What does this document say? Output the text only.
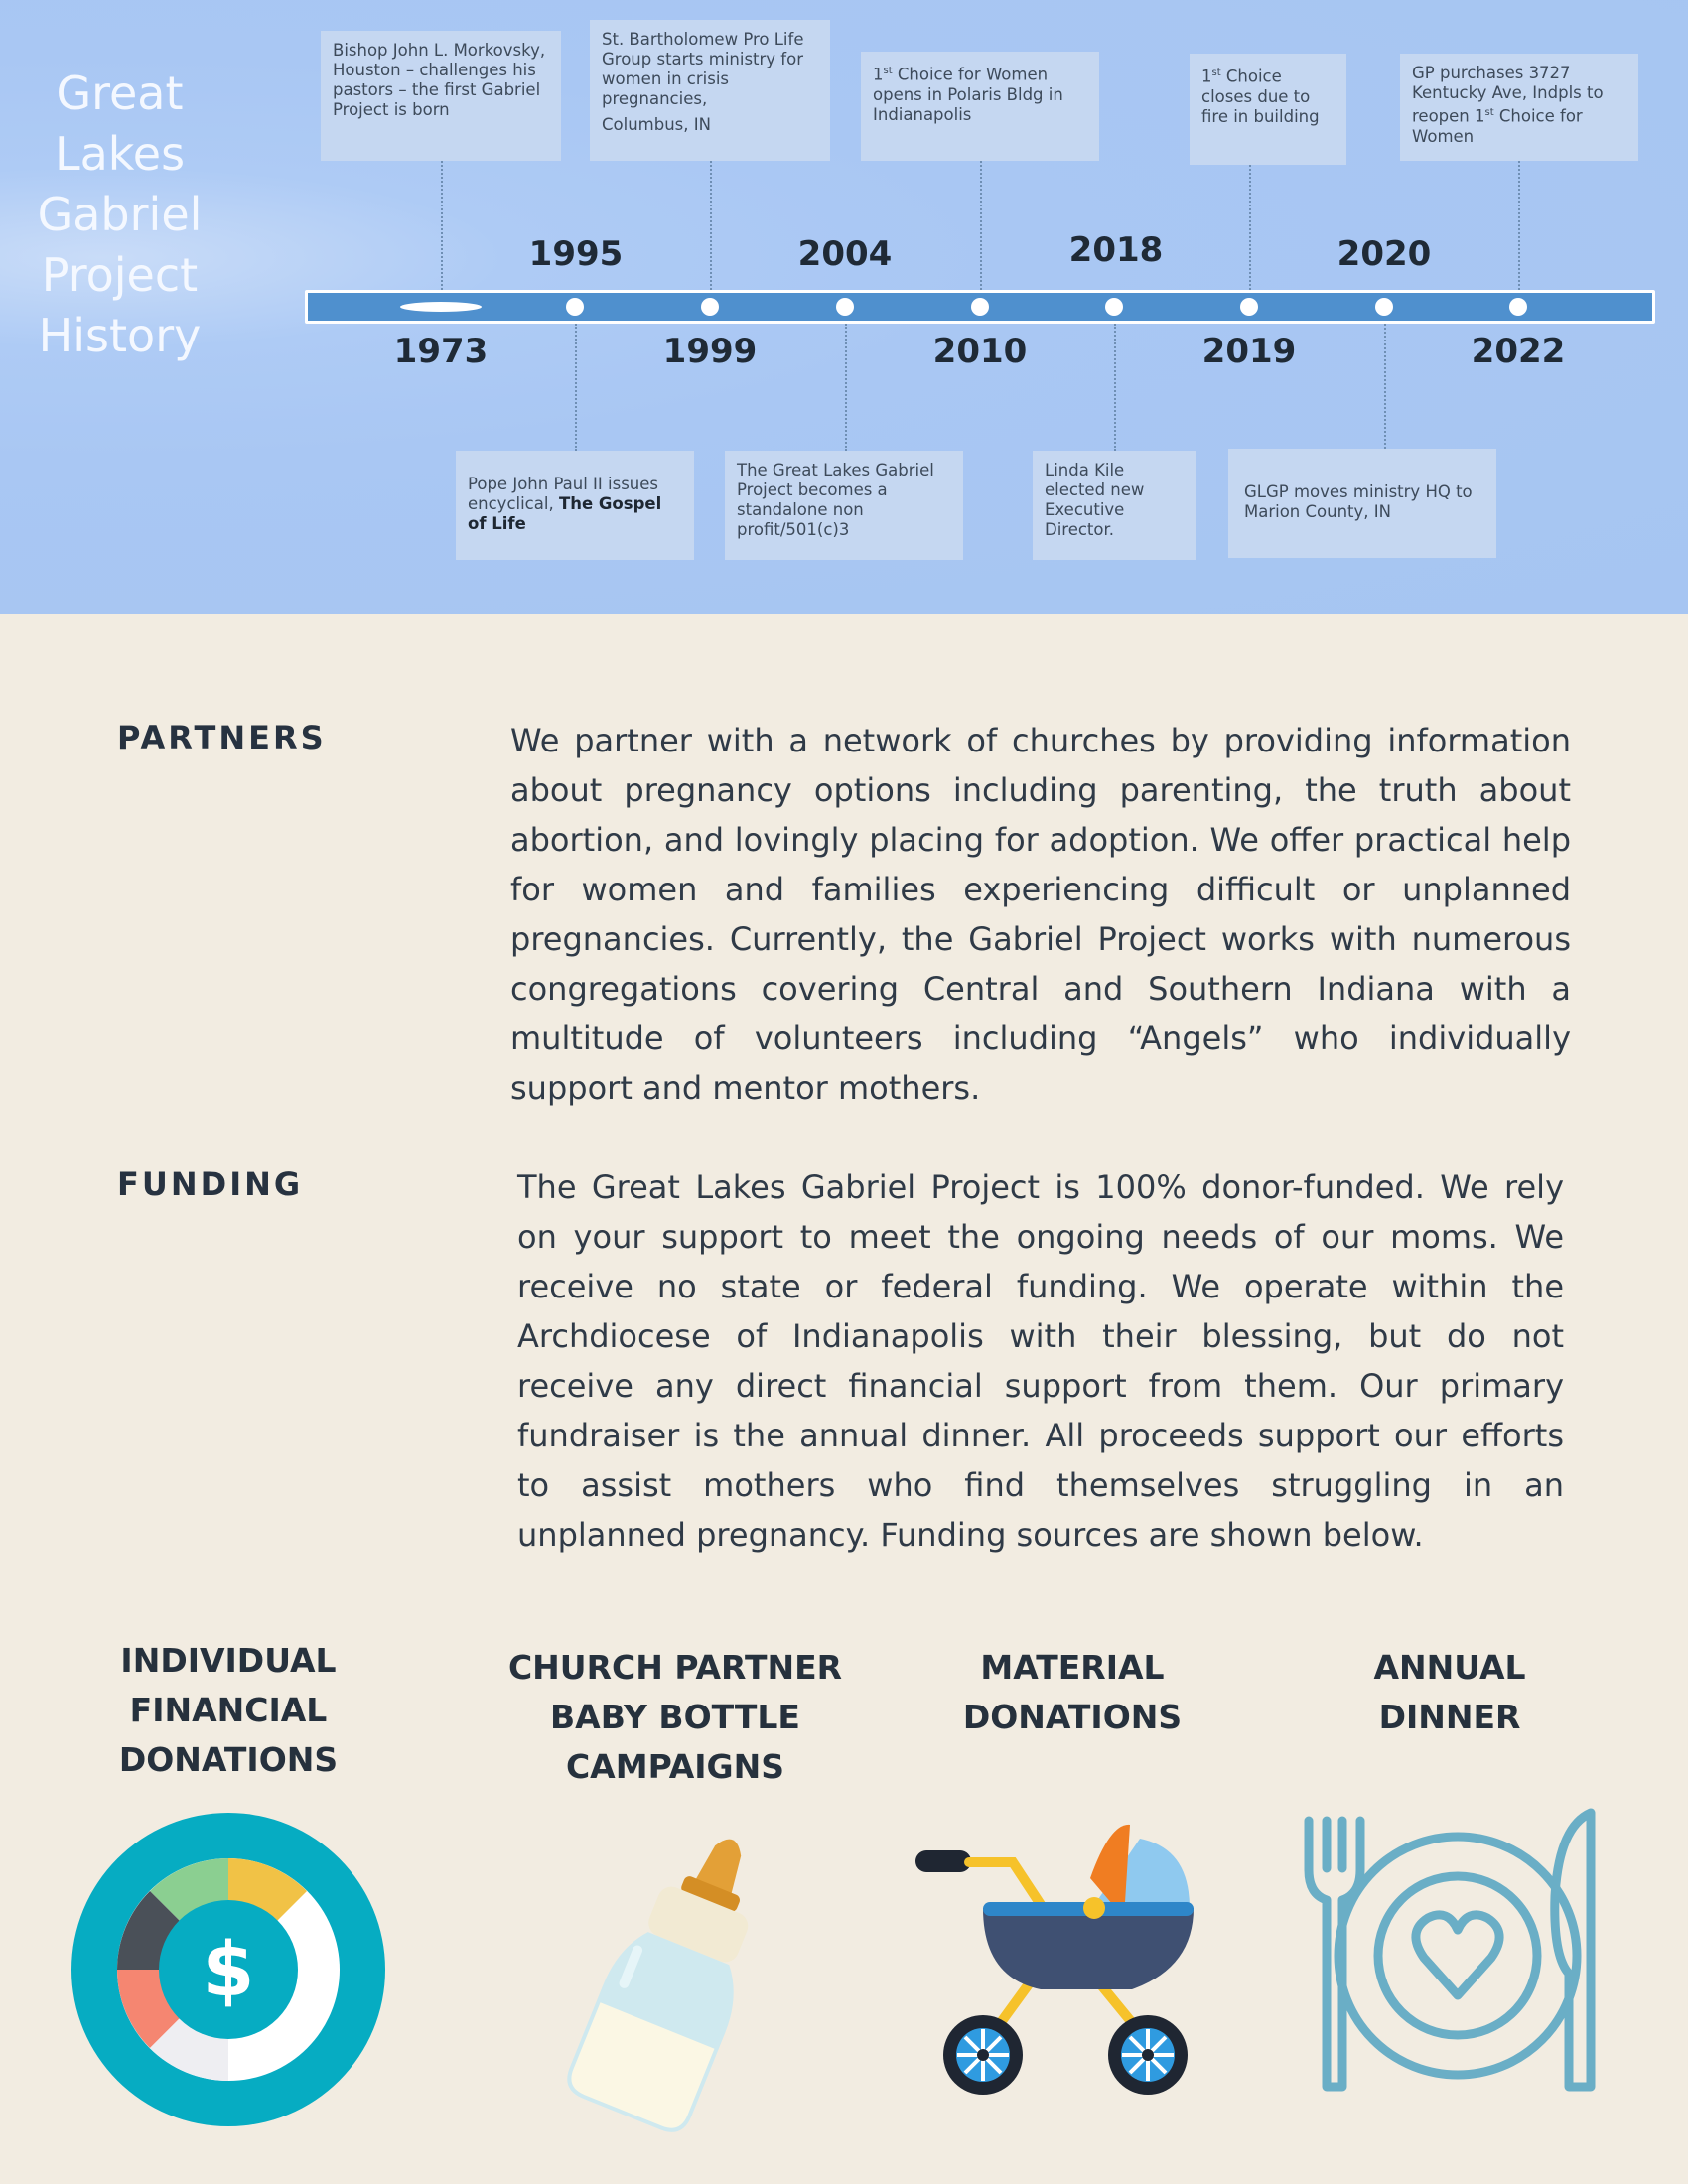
Great
Lakes
Gabriel
Project
History
1995	2004	2018	2020
1973	1999	2010	2019	2022
Bishop John L. Morkovsky, Houston – challenges his pastors – the first Gabriel Project is born
St. Bartholomew Pro Life Group starts ministry for women in crisis pregnancies,
Columbus, IN
1st Choice for Women opens in Polaris Bldg in Indianapolis
1st Choice closes due to fire in building
GP purchases 3727 Kentucky Ave, Indpls to reopen 1st Choice for Women
Pope John Paul II issues encyclical, The Gospel of Life
The Great Lakes Gabriel Project becomes a standalone non profit/501(c)3
Linda Kile elected new Executive Director.
GLGP moves ministry HQ to Marion County, IN
PARTNERS	We partner with a network of churches by providing information about pregnancy options including parenting, the truth about abortion, and lovingly placing for adoption. We offer practical help for women and families experiencing difficult or unplanned pregnancies. Currently, the Gabriel Project works with numerous congregations covering Central and Southern Indiana with a multitude of volunteers including “Angels” who individually support and mentor mothers.

FUNDING	The Great Lakes Gabriel Project is 100% donor-funded. We rely on your support to meet the ongoing needs of our moms. We receive no state or federal funding. We operate within the Archdiocese of Indianapolis with their blessing, but do not receive any direct financial support from them. Our primary fundraiser is the annual dinner. All proceeds support our efforts to assist mothers who find themselves struggling in an unplanned pregnancy. Funding sources are shown below.

INDIVIDUAL
FINANCIAL
DONATIONS
CHURCH PARTNER
BABY BOTTLE
CAMPAIGNS
MATERIAL
DONATIONS
ANNUAL
DINNER
$
